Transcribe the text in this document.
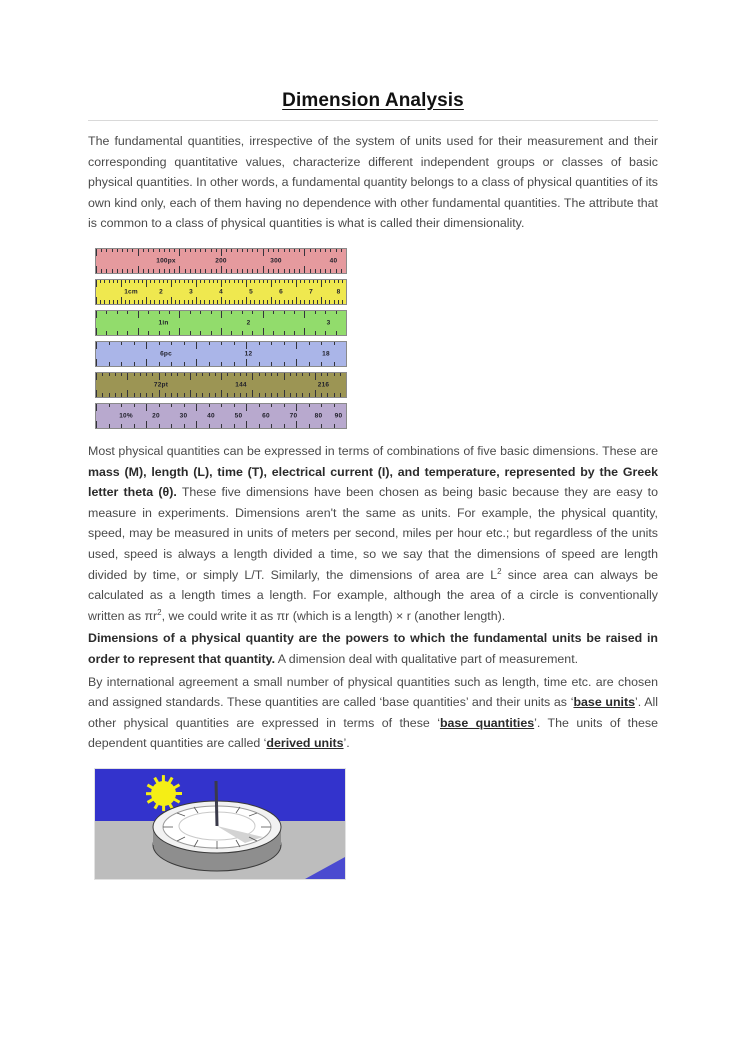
Dimension Analysis

The fundamental quantities, irrespective of the system of units used for their measurement and their corresponding quantitative values, characterize different independent groups or classes of basic physical quantities. In other words, a fundamental quantity belongs to a class of physical quantities of its own kind only, each of them having no dependence with other fundamental quantities. The attribute that is common to a class of physical quantities is what is called their dimensionality.

100px	200	300	40
1cm	2	3	4	5	6	7	8
1in	2	3
6pc	12	18
72pt	144	216
10%	20	30	40	50	60	70	80 90

Most physical quantities can be expressed in terms of combinations of five basic dimensions. These are mass (M), length (L), time (T), electrical current (I), and temperature, represented by the Greek letter theta (θ). These five dimensions have been chosen as being basic because they are easy to measure in experiments. Dimensions aren't the same as units. For example, the physical quantity, speed, may be measured in units of meters per second, miles per hour etc.; but regardless of the units used, speed is always a length divided a time, so we say that the dimensions of speed are length divided by time, or simply L/T. Similarly, the dimensions of area are $L^2$ since area can always be calculated as a length times a length. For example, although the area of a circle is conventionally written as $\pi r^2$, we could write it as πr (which is a length) × r (another length).

Dimensions of a physical quantity are the powers to which the fundamental units be raised in order to represent that quantity. A dimension deal with qualitative part of measurement.

By international agreement a small number of physical quantities such as length, time etc. are chosen and assigned standards. These quantities are called ‘base quantities’ and their units as ‘base units’. All other physical quantities are expressed in terms of these ‘base quantities’. The units of these dependent quantities are called ‘derived units’.
